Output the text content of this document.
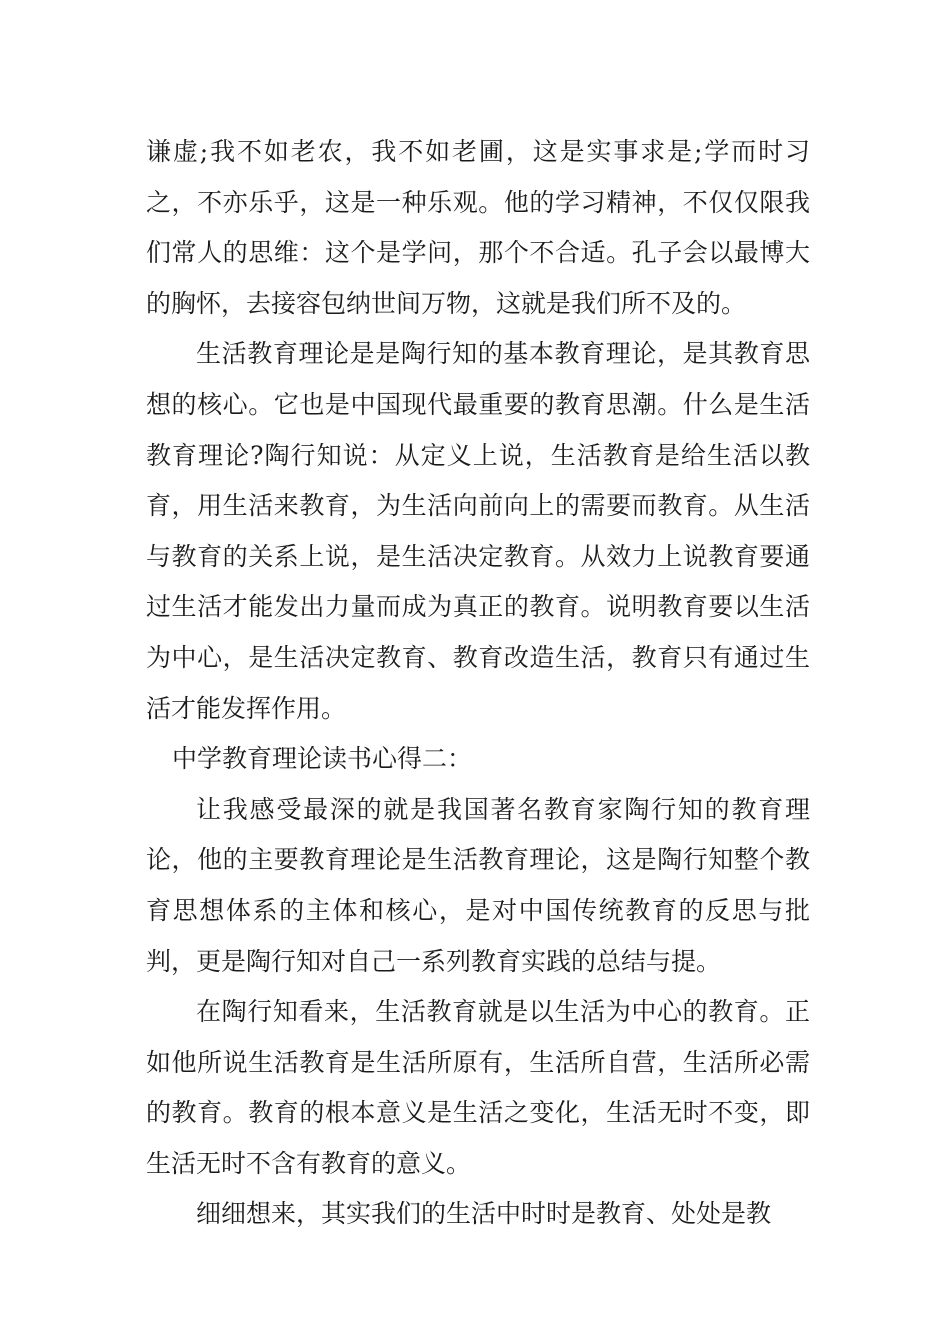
谦虚;我不如老农，我不如老圃，这是实事求是;学而时习之，不亦乐乎，这是一种乐观。他的学习精神，不仅仅限我们常人的思维：这个是学问，那个不合适。孔子会以最博大的胸怀，去接容包纳世间万物，这就是我们所不及的。

生活教育理论是是陶行知的基本教育理论，是其教育思想的核心。它也是中国现代最重要的教育思潮。什么是生活教育理论?陶行知说：从定义上说，生活教育是给生活以教育，用生活来教育，为生活向前向上的需要而教育。从生活与教育的关系上说，是生活决定教育。从效力上说教育要通过生活才能发出力量而成为真正的教育。说明教育要以生活为中心，是生活决定教育、教育改造生活，教育只有通过生活才能发挥作用。

中学教育理论读书心得二：

让我感受最深的就是我国著名教育家陶行知的教育理论，他的主要教育理论是生活教育理论，这是陶行知整个教育思想体系的主体和核心，是对中国传统教育的反思与批判，更是陶行知对自己一系列教育实践的总结与提。

在陶行知看来，生活教育就是以生活为中心的教育。正如他所说生活教育是生活所原有，生活所自营，生活所必需的教育。教育的根本意义是生活之变化，生活无时不变，即生活无时不含有教育的意义。

细细想来，其实我们的生活中时时是教育、处处是教
